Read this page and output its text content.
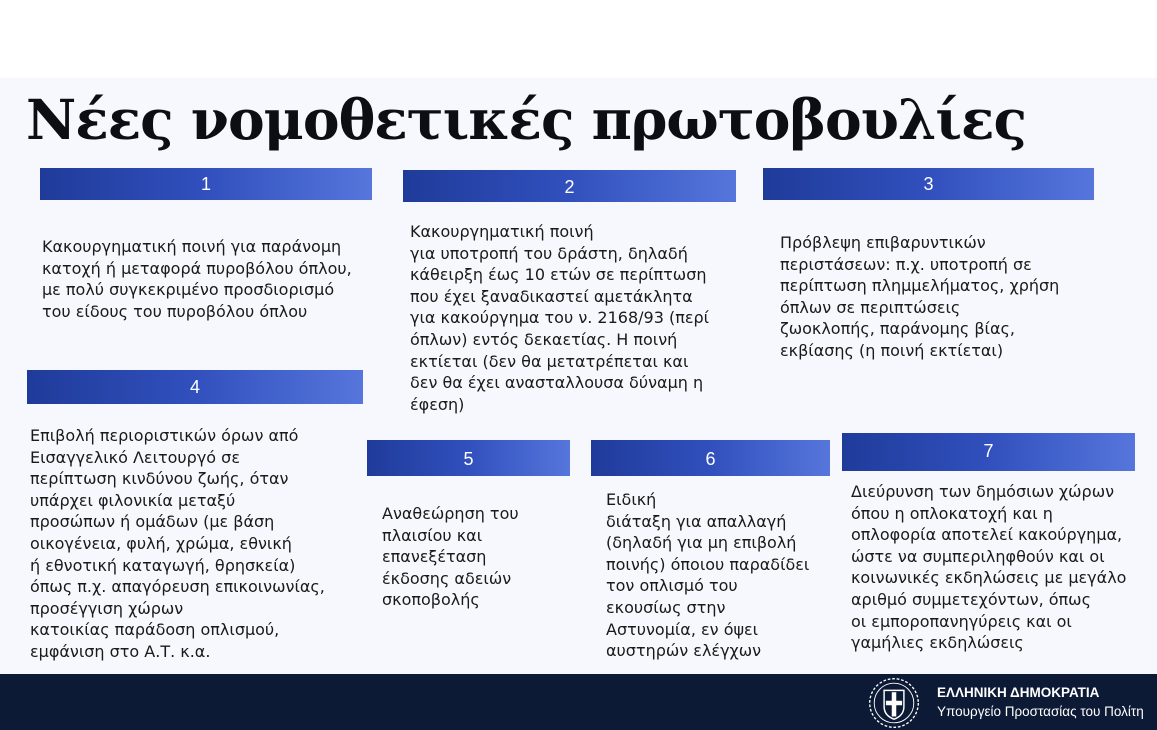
Νέες νομοθετικές πρωτοβουλίες
1
Κακουργηματική ποινή για παράνομη
κατοχή ή μεταφορά πυροβόλου όπλου,
με πολύ συγκεκριμένο προσδιορισμό
του είδους του πυροβόλου όπλου
2
Κακουργηματική ποινή
για υποτροπή του δράστη, δηλαδή
κάθειρξη έως 10 ετών σε περίπτωση
που έχει ξαναδικαστεί αμετάκλητα
για κακούργημα του ν. 2168/93 (περί
όπλων) εντός δεκαετίας. Η ποινή
εκτίεται (δεν θα μετατρέπεται και
δεν θα έχει ανασταλλουσα δύναμη η
έφεση)
3
Πρόβλεψη επιβαρυντικών
περιστάσεων: π.χ. υποτροπή σε
περίπτωση πλημμελήματος, χρήση
όπλων σε περιπτώσεις
ζωοκλοπής, παράνομης βίας,
εκβίασης (η ποινή εκτίεται)
4
Επιβολή περιοριστικών όρων από
Εισαγγελικό Λειτουργό σε
περίπτωση κινδύνου ζωής, όταν
υπάρχει φιλονικία μεταξύ
προσώπων ή ομάδων (με βάση
οικογένεια, φυλή, χρώμα, εθνική
ή εθνοτική καταγωγή, θρησκεία)
όπως π.χ. απαγόρευση επικοινωνίας,
προσέγγιση χώρων
κατοικίας παράδοση οπλισμού,
εμφάνιση στο Α.Τ. κ.α.
5
Αναθεώρηση του
πλαισίου και
επανεξέταση
έκδοσης αδειών
σκοποβολής
6
Ειδική
διάταξη για απαλλαγή
(δηλαδή για μη επιβολή
ποινής) όποιου παραδίδει
τον οπλισμό του
εκουσίως στην
Αστυνομία, εν όψει
αυστηρών ελέγχων
7
Διεύρυνση των δημόσιων χώρων
όπου η οπλοκατοχή και η
οπλοφορία αποτελεί κακούργημα,
ώστε να συμπεριληφθούν και οι
κοινωνικές εκδηλώσεις με μεγάλο
αριθμό συμμετεχόντων, όπως
οι εμποροπανηγύρεις και οι
γαμήλιες εκδηλώσεις
ΕΛΛΗΝΙΚΗ ΔΗΜΟΚΡΑΤΙΑ
Υπουργείο Προστασίας του Πολίτη
